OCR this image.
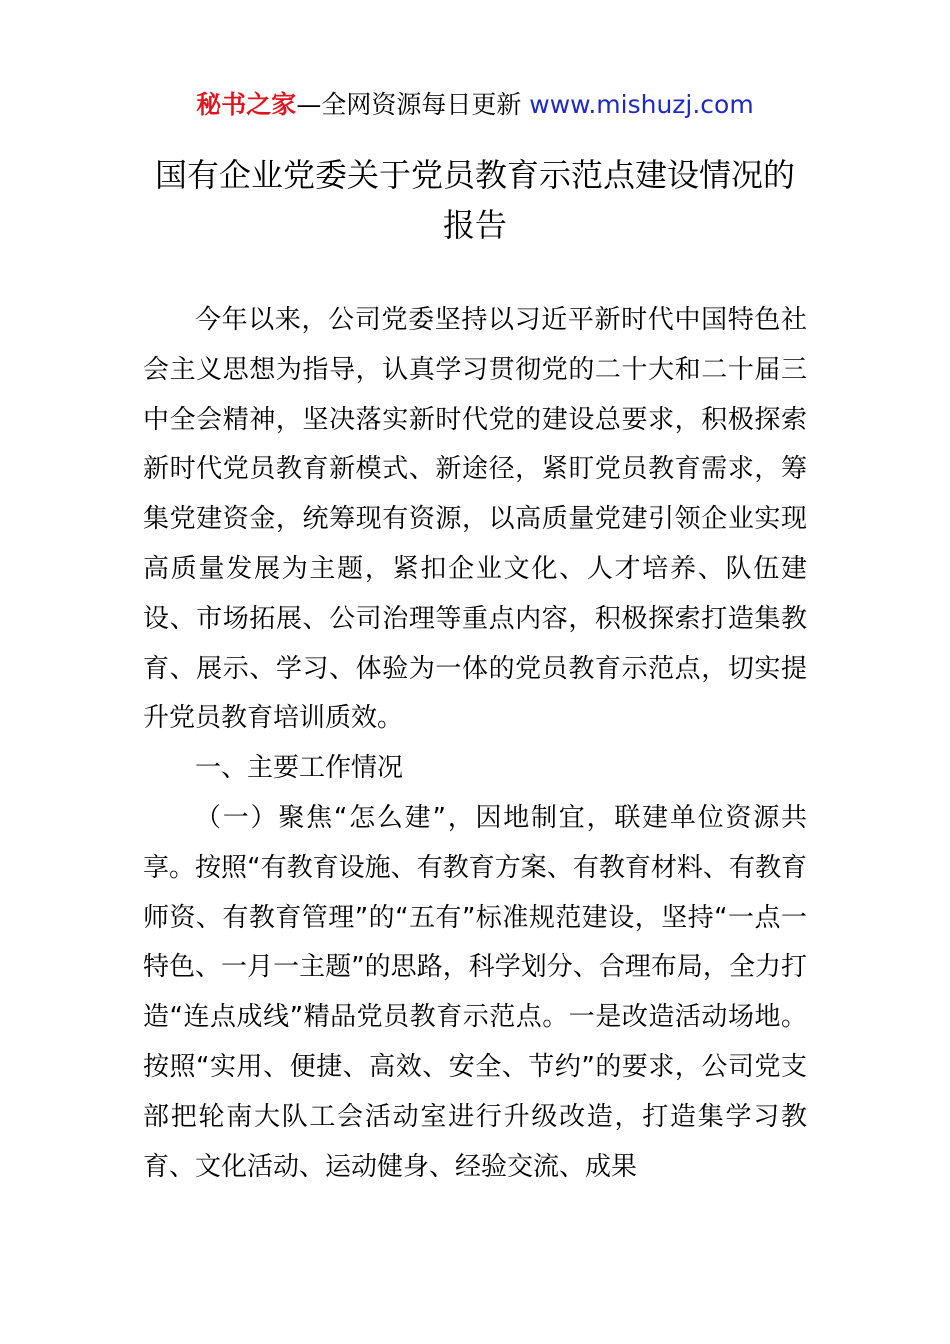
秘书之家—全网资源每日更新 www.mishuzj.com
国有企业党委关于党员教育示范点建设情况的
报告

今年以来，公司党委坚持以习近平新时代中国特色社会主义思想为指导，认真学习贯彻党的二十大和二十届三中全会精神，坚决落实新时代党的建设总要求，积极探索新时代党员教育新模式、新途径，紧盯党员教育需求，筹集党建资金，统筹现有资源，以高质量党建引领企业实现高质量发展为主题，紧扣企业文化、人才培养、队伍建设、市场拓展、公司治理等重点内容，积极探索打造集教育、展示、学习、体验为一体的党员教育示范点，切实提升党员教育培训质效。

一、主要工作情况

（一）聚焦“怎么建”，因地制宜，联建单位资源共享。按照“有教育设施、有教育方案、有教育材料、有教育师资、有教育管理”的“五有”标准规范建设，坚持“一点一特色、一月一主题”的思路，科学划分、合理布局，全力打造“连点成线”精品党员教育示范点。一是改造活动场地。按照“实用、便捷、高效、安全、节约”的要求，公司党支部把轮南大队工会活动室进行升级改造，打造集学习教育、文化活动、运动健身、经验交流、成果
